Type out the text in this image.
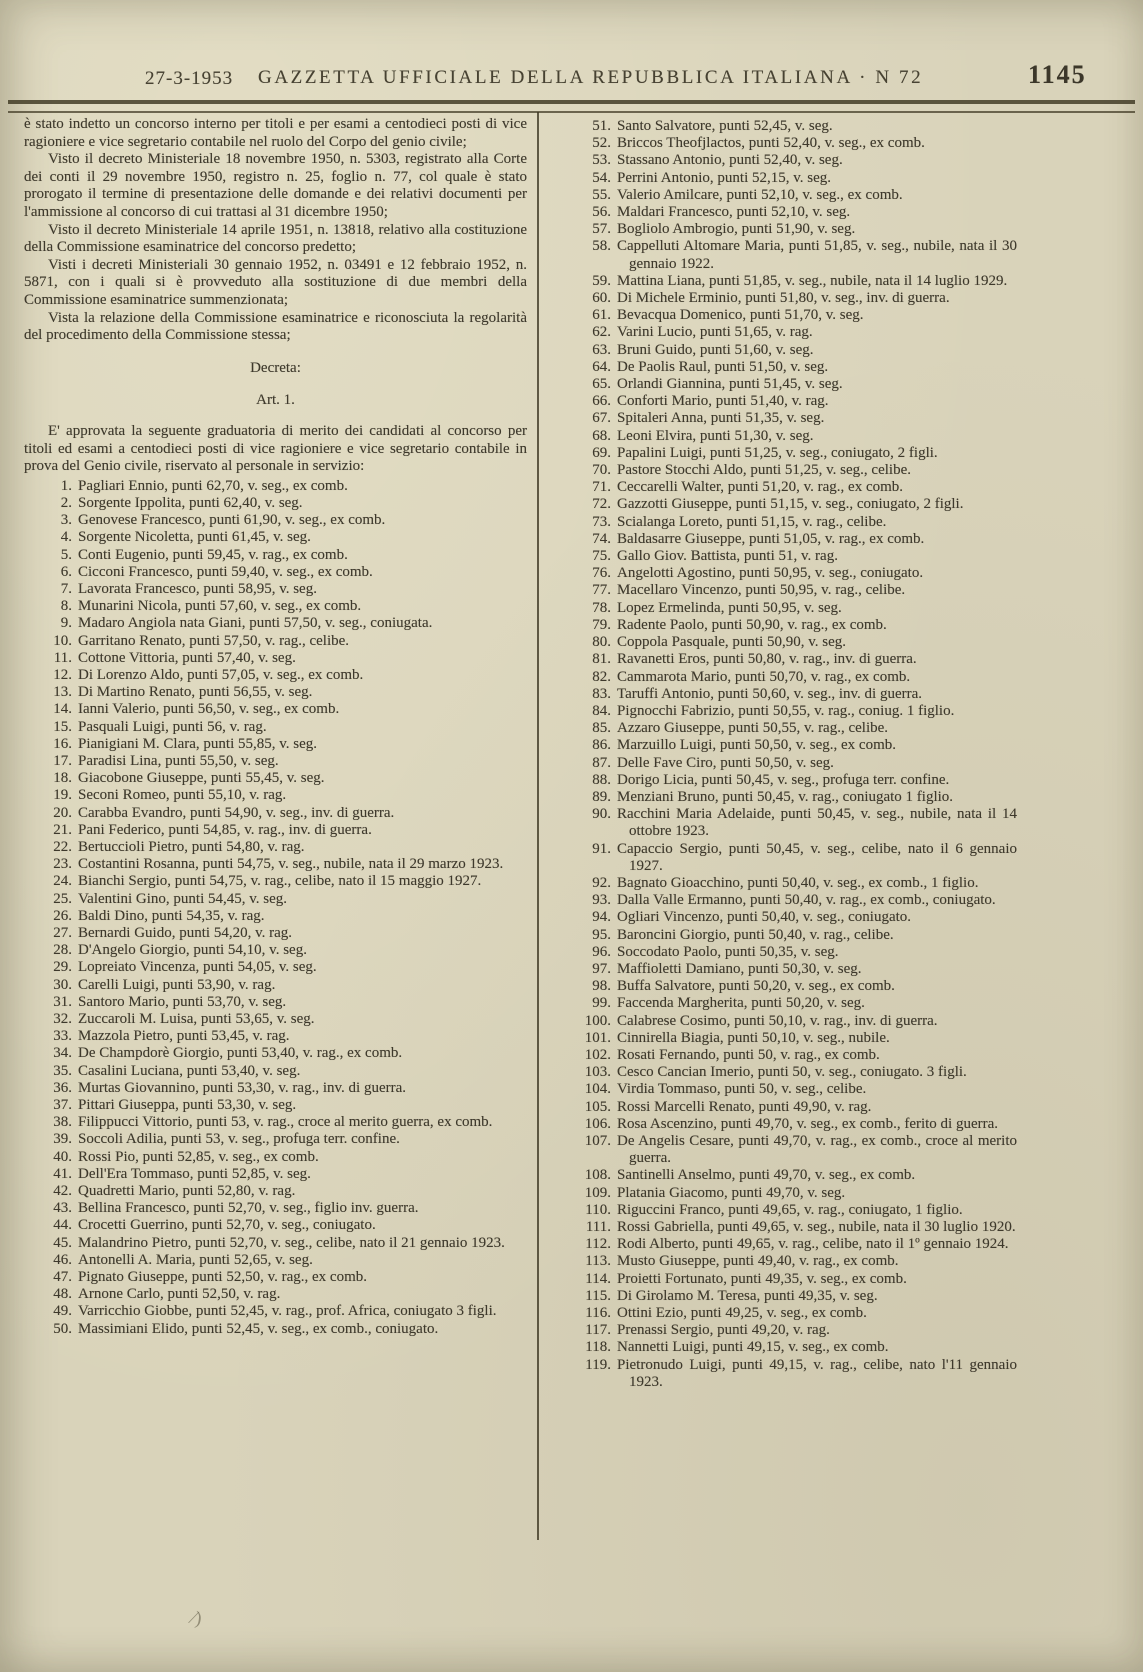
27-3-1953 GAZZETTA UFFICIALE DELLA REPUBBLICA ITALIANA · N 72	1145

è stato indetto un concorso interno per titoli e per esami a centodieci posti di vice ragioniere e vice segretario contabile nel ruolo del Corpo del genio civile;

Visto il decreto Ministeriale 18 novembre 1950, n. 5303, registrato alla Corte dei conti il 29 novembre 1950, registro n. 25, foglio n. 77, col quale è stato prorogato il termine di presentazione delle domande e dei relativi documenti per l'ammissione al concorso di cui trattasi al 31 dicembre 1950;

Visto il decreto Ministeriale 14 aprile 1951, n. 13818, relativo alla costituzione della Commissione esaminatrice del concorso predetto;

Visti i decreti Ministeriali 30 gennaio 1952, n. 03491 e 12 febbraio 1952, n. 5871, con i quali si è provveduto alla sostituzione di due membri della Commissione esaminatrice summenzionata;

Vista la relazione della Commissione esaminatrice e riconosciuta la regolarità del procedimento della Commissione stessa;

Decreta:

Art. 1.

E' approvata la seguente graduatoria di merito dei candidati al concorso per titoli ed esami a centodieci posti di vice ragioniere e vice segretario contabile in prova del Genio civile, riservato al personale in servizio:

1. Pagliari Ennio, punti 62,70, v. seg., ex comb.
2. Sorgente Ippolita, punti 62,40, v. seg.
3. Genovese Francesco, punti 61,90, v. seg., ex comb.
4. Sorgente Nicoletta, punti 61,45, v. seg.
5. Conti Eugenio, punti 59,45, v. rag., ex comb.
6. Cicconi Francesco, punti 59,40, v. seg., ex comb.
7. Lavorata Francesco, punti 58,95, v. seg.
8. Munarini Nicola, punti 57,60, v. seg., ex comb.
9. Madaro Angiola nata Giani, punti 57,50, v. seg., coniugata.
10. Garritano Renato, punti 57,50, v. rag., celibe.
11. Cottone Vittoria, punti 57,40, v. seg.
12. Di Lorenzo Aldo, punti 57,05, v. seg., ex comb.
13. Di Martino Renato, punti 56,55, v. seg.
14. Ianni Valerio, punti 56,50, v. seg., ex comb.
15. Pasquali Luigi, punti 56, v. rag.
16. Pianigiani M. Clara, punti 55,85, v. seg.
17. Paradisi Lina, punti 55,50, v. seg.
18. Giacobone Giuseppe, punti 55,45, v. seg.
19. Seconi Romeo, punti 55,10, v. rag.
20. Carabba Evandro, punti 54,90, v. seg., inv. di guerra.
21. Pani Federico, punti 54,85, v. rag., inv. di guerra.
22. Bertuccioli Pietro, punti 54,80, v. rag.
23. Costantini Rosanna, punti 54,75, v. seg., nubile, nata il 29 marzo 1923.
24. Bianchi Sergio, punti 54,75, v. rag., celibe, nato il 15 maggio 1927.
25. Valentini Gino, punti 54,45, v. seg.
26. Baldi Dino, punti 54,35, v. rag.
27. Bernardi Guido, punti 54,20, v. rag.
28. D'Angelo Giorgio, punti 54,10, v. seg.
29. Lopreiato Vincenza, punti 54,05, v. seg.
30. Carelli Luigi, punti 53,90, v. rag.
31. Santoro Mario, punti 53,70, v. seg.
32. Zuccaroli M. Luisa, punti 53,65, v. seg.
33. Mazzola Pietro, punti 53,45, v. rag.
34. De Champdorè Giorgio, punti 53,40, v. rag., ex comb.
35. Casalini Luciana, punti 53,40, v. seg.
36. Murtas Giovannino, punti 53,30, v. rag., inv. di guerra.
37. Pittari Giuseppa, punti 53,30, v. seg.
38. Filippucci Vittorio, punti 53, v. rag., croce al merito guerra, ex comb.
39. Soccoli Adilia, punti 53, v. seg., profuga terr. confine.
40. Rossi Pio, punti 52,85, v. seg., ex comb.
41. Dell'Era Tommaso, punti 52,85, v. seg.
42. Quadretti Mario, punti 52,80, v. rag.
43. Bellina Francesco, punti 52,70, v. seg., figlio inv. guerra.
44. Crocetti Guerrino, punti 52,70, v. seg., coniugato.
45. Malandrino Pietro, punti 52,70, v. seg., celibe, nato il 21 gennaio 1923.
46. Antonelli A. Maria, punti 52,65, v. seg.
47. Pignato Giuseppe, punti 52,50, v. rag., ex comb.
48. Arnone Carlo, punti 52,50, v. rag.
49. Varricchio Giobbe, punti 52,45, v. rag., prof. Africa, coniugato 3 figli.
50. Massimiani Elido, punti 52,45, v. seg., ex comb., coniugato.
51. Santo Salvatore, punti 52,45, v. seg.
52. Briccos Theofjlactos, punti 52,40, v. seg., ex comb.
53. Stassano Antonio, punti 52,40, v. seg.
54. Perrini Antonio, punti 52,15, v. seg.
55. Valerio Amilcare, punti 52,10, v. seg., ex comb.
56. Maldari Francesco, punti 52,10, v. seg.
57. Bogliolo Ambrogio, punti 51,90, v. seg.
58. Cappelluti Altomare Maria, punti 51,85, v. seg., nubile, nata il 30 gennaio 1922.
59. Mattina Liana, punti 51,85, v. seg., nubile, nata il 14 luglio 1929.
60. Di Michele Erminio, punti 51,80, v. seg., inv. di guerra.
61. Bevacqua Domenico, punti 51,70, v. seg.
62. Varini Lucio, punti 51,65, v. rag.
63. Bruni Guido, punti 51,60, v. seg.
64. De Paolis Raul, punti 51,50, v. seg.
65. Orlandi Giannina, punti 51,45, v. seg.
66. Conforti Mario, punti 51,40, v. rag.
67. Spitaleri Anna, punti 51,35, v. seg.
68. Leoni Elvira, punti 51,30, v. seg.
69. Papalini Luigi, punti 51,25, v. seg., coniugato, 2 figli.
70. Pastore Stocchi Aldo, punti 51,25, v. seg., celibe.
71. Ceccarelli Walter, punti 51,20, v. rag., ex comb.
72. Gazzotti Giuseppe, punti 51,15, v. seg., coniugato, 2 figli.
73. Scialanga Loreto, punti 51,15, v. rag., celibe.
74. Baldasarre Giuseppe, punti 51,05, v. rag., ex comb.
75. Gallo Giov. Battista, punti 51, v. rag.
76. Angelotti Agostino, punti 50,95, v. seg., coniugato.
77. Macellaro Vincenzo, punti 50,95, v. rag., celibe.
78. Lopez Ermelinda, punti 50,95, v. seg.
79. Radente Paolo, punti 50,90, v. rag., ex comb.
80. Coppola Pasquale, punti 50,90, v. seg.
81. Ravanetti Eros, punti 50,80, v. rag., inv. di guerra.
82. Cammarota Mario, punti 50,70, v. rag., ex comb.
83. Taruffi Antonio, punti 50,60, v. seg., inv. di guerra.
84. Pignocchi Fabrizio, punti 50,55, v. rag., coniug. 1 figlio.
85. Azzaro Giuseppe, punti 50,55, v. rag., celibe.
86. Marzuillo Luigi, punti 50,50, v. seg., ex comb.
87. Delle Fave Ciro, punti 50,50, v. seg.
88. Dorigo Licia, punti 50,45, v. seg., profuga terr. confine.
89. Menziani Bruno, punti 50,45, v. rag., coniugato 1 figlio.
90. Racchini Maria Adelaide, punti 50,45, v. seg., nubile, nata il 14 ottobre 1923.
91. Capaccio Sergio, punti 50,45, v. seg., celibe, nato il 6 gennaio 1927.
92. Bagnato Gioacchino, punti 50,40, v. seg., ex comb., 1 figlio.
93. Dalla Valle Ermanno, punti 50,40, v. rag., ex comb., coniugato.
94. Ogliari Vincenzo, punti 50,40, v. seg., coniugato.
95. Baroncini Giorgio, punti 50,40, v. rag., celibe.
96. Soccodato Paolo, punti 50,35, v. seg.
97. Maffioletti Damiano, punti 50,30, v. seg.
98. Buffa Salvatore, punti 50,20, v. seg., ex comb.
99. Faccenda Margherita, punti 50,20, v. seg.
100. Calabrese Cosimo, punti 50,10, v. rag., inv. di guerra.
101. Cinnirella Biagia, punti 50,10, v. seg., nubile.
102. Rosati Fernando, punti 50, v. rag., ex comb.
103. Cesco Cancian Imerio, punti 50, v. seg., coniugato. 3 figli.
104. Virdia Tommaso, punti 50, v. seg., celibe.
105. Rossi Marcelli Renato, punti 49,90, v. rag.
106. Rosa Ascenzino, punti 49,70, v. seg., ex comb., ferito di guerra.
107. De Angelis Cesare, punti 49,70, v. rag., ex comb., croce al merito guerra.
108. Santinelli Anselmo, punti 49,70, v. seg., ex comb.
109. Platania Giacomo, punti 49,70, v. seg.
110. Riguccini Franco, punti 49,65, v. rag., coniugato, 1 figlio.
111. Rossi Gabriella, punti 49,65, v. seg., nubile, nata il 30 luglio 1920.
112. Rodi Alberto, punti 49,65, v. rag., celibe, nato il 1º gennaio 1924.
113. Musto Giuseppe, punti 49,40, v. rag., ex comb.
114. Proietti Fortunato, punti 49,35, v. seg., ex comb.
115. Di Girolamo M. Teresa, punti 49,35, v. seg.
116. Ottini Ezio, punti 49,25, v. seg., ex comb.
117. Prenassi Sergio, punti 49,20, v. rag.
118. Nannetti Luigi, punti 49,15, v. seg., ex comb.
119. Pietronudo Luigi, punti 49,15, v. rag., celibe, nato l'11 gennaio 1923.
∕)
